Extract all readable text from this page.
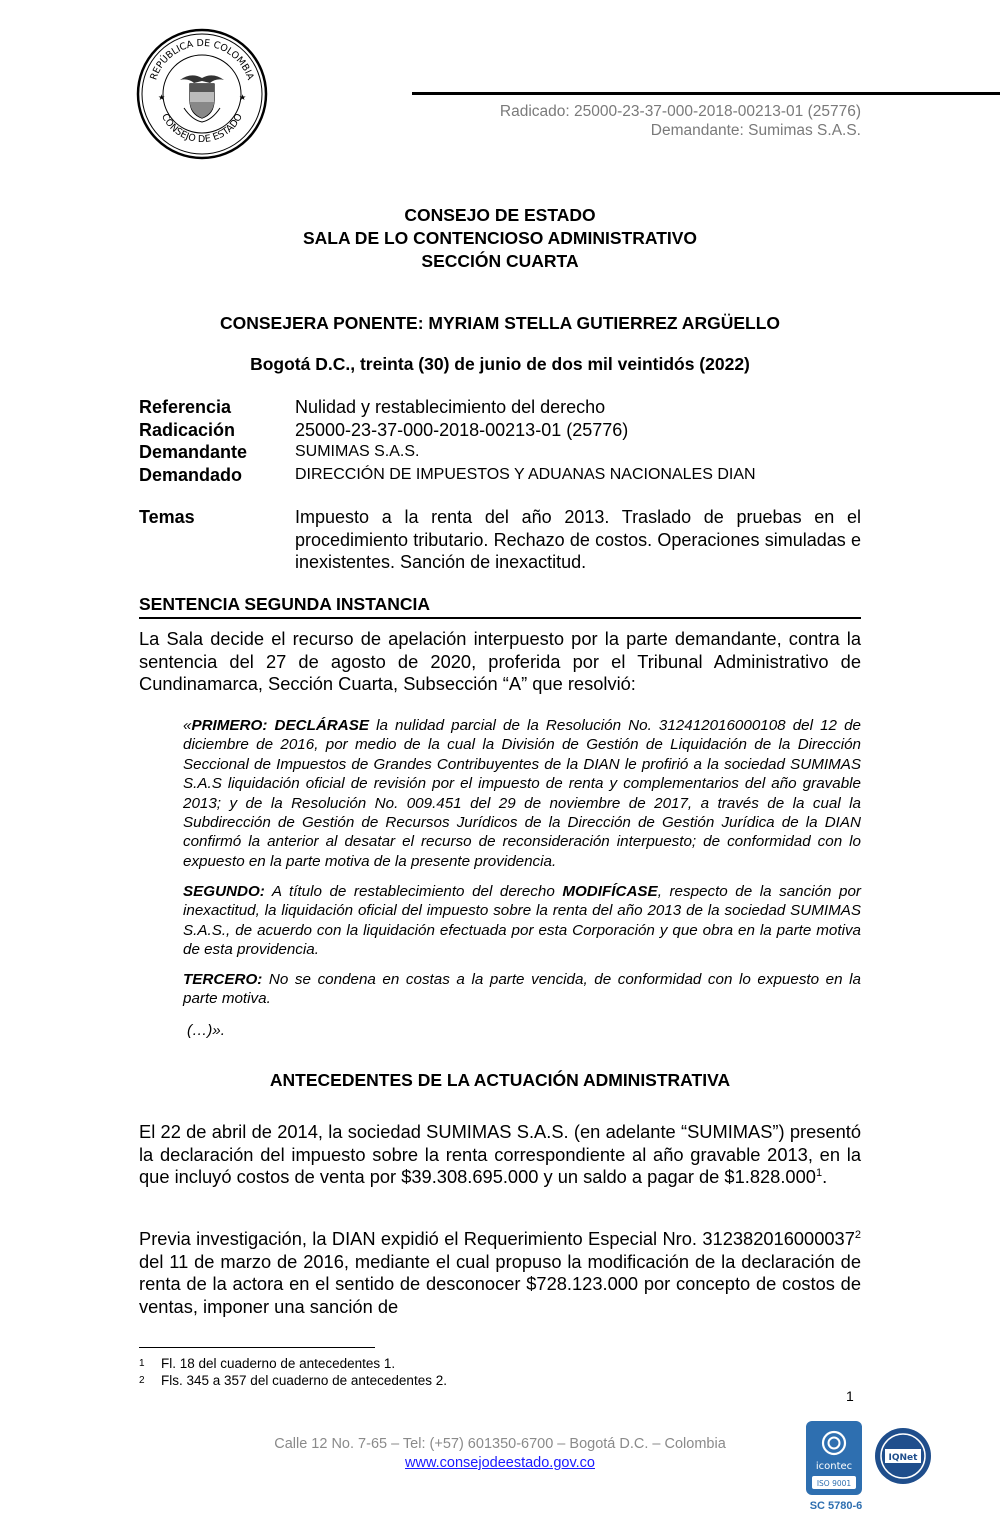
REPÚBLICA DE COLOMBIA
CONSEJO DE ESTADO
★	★
Radicado: 25000-23-37-000-2018-00213-01 (25776)
Demandante: Sumimas S.A.S.
CONSEJO DE ESTADO
SALA DE LO CONTENCIOSO ADMINISTRATIVO
SECCIÓN CUARTA
CONSEJERA PONENTE: MYRIAM STELLA GUTIERREZ ARGÜELLO
Bogotá D.C., treinta (30) de junio de dos mil veintidós (2022)
Referencia	Nulidad y restablecimiento del derecho
Radicación	25000-23-37-000-2018-00213-01 (25776)
Demandante	SUMIMAS S.A.S.
Demandado	DIRECCIÓN DE IMPUESTOS Y ADUANAS NACIONALES DIAN
Temas	Impuesto a la renta del año 2013. Traslado de pruebas en el procedimiento tributario. Rechazo de costos. Operaciones simuladas e inexistentes. Sanción de inexactitud.
SENTENCIA SEGUNDA INSTANCIA
La Sala decide el recurso de apelación interpuesto por la parte demandante, contra la sentencia del 27 de agosto de 2020, proferida por el Tribunal Administrativo de Cundinamarca, Sección Cuarta, Subsección “A” que resolvió:
«PRIMERO: DECLÁRASE la nulidad parcial de la Resolución No. 312412016000108 del 12 de diciembre de 2016, por medio de la cual la División de Gestión de Liquidación de la Dirección Seccional de Impuestos de Grandes Contribuyentes de la DIAN le profirió a la sociedad SUMIMAS S.A.S liquidación oficial de revisión por el impuesto de renta y complementarios del año gravable 2013; y de la Resolución No. 009.451 del 29 de noviembre de 2017, a través de la cual la Subdirección de Gestión de Recursos Jurídicos de la Dirección de Gestión Jurídica de la DIAN confirmó la anterior al desatar el recurso de reconsideración interpuesto; de conformidad con lo expuesto en la parte motiva de la presente providencia.
SEGUNDO: A título de restablecimiento del derecho MODIFÍCASE, respecto de la sanción por inexactitud, la liquidación oficial del impuesto sobre la renta del año 2013 de la sociedad SUMIMAS S.A.S., de acuerdo con la liquidación efectuada por esta Corporación y que obra en la parte motiva de esta providencia.
TERCERO: No se condena en costas a la parte vencida, de conformidad con lo expuesto en la parte motiva.
(…)».
ANTECEDENTES DE LA ACTUACIÓN ADMINISTRATIVA
El 22 de abril de 2014, la sociedad SUMIMAS S.A.S. (en adelante “SUMIMAS”) presentó la declaración del impuesto sobre la renta correspondiente al año gravable 2013, en la que incluyó costos de venta por $39.308.695.000 y un saldo a pagar de $1.828.000$^1$.
Previa investigación, la DIAN expidió el Requerimiento Especial Nro. 312382016000037$^2$ del 11 de marzo de 2016, mediante el cual propuso la modificación de la declaración de renta de la actora en el sentido de desconocer $728.123.000 por concepto de costos de ventas, imponer una sanción de
1 Fl. 18 del cuaderno de antecedentes 1.
2 Fls. 345 a 357 del cuaderno de antecedentes 2.
1
Calle 12 No. 7-65 – Tel: (+57) 601350-6700 – Bogotá D.C. – Colombia
www.consejodeestado.gov.co	icontec
ISO 9001
SC 5780-6
IQNet
